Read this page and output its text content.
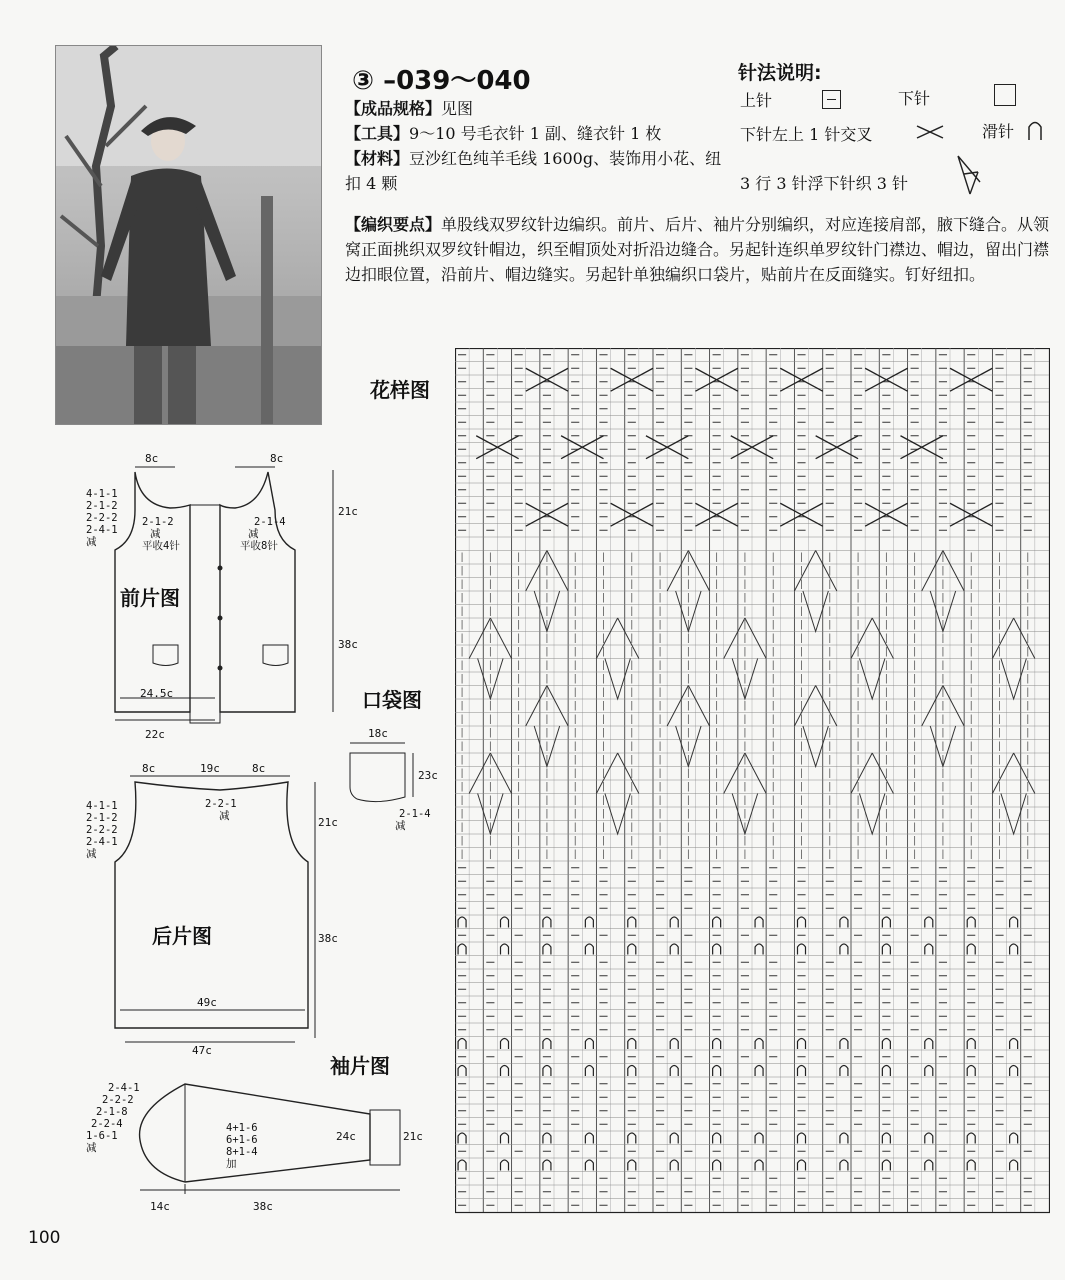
③ –039～040	针法说明:
上针
	下针
下针左上 1 针交叉	滑针
3 行 3 针浮下针织 3 针
【成品规格】见图
【工具】9～10 号毛衣针 1 副、缝衣针 1 枚
【材料】豆沙红色纯羊毛线 1600g、装饰用小花、纽扣 4 颗
【编织要点】单股线双罗纹针边编织。前片、后片、袖片分别编织，对应连接肩部，腋下缝合。从领窝正面挑织双罗纹针帽边，织至帽顶处对折沿边缝合。另起针连织单罗纹针门襟边、帽边，留出门襟边扣眼位置，沿前片、帽边缝实。另起针单独编织口袋片，贴前片在反面缝实。钉好纽扣。
8c	8c
21c
38c
4-1-1
2-1-2
2-2-2
2-4-1
减
2-1-2
减
平收4针
2-1-4
减
平收8针
前片图
24.5c
22c
口袋图
18c
23c
2-1-4
减
8c	19c	8c
2-2-1
减
4-1-1
2-1-2
2-2-2
2-4-1
减
21c
38c
后片图
49c
47c
袖片图
2-4-1
2-2-2
2-1-8
2-2-4
1-6-1
减
4+1-6
6+1-6
8+1-4
加
24c	21c
14c	38c
花样图
100
